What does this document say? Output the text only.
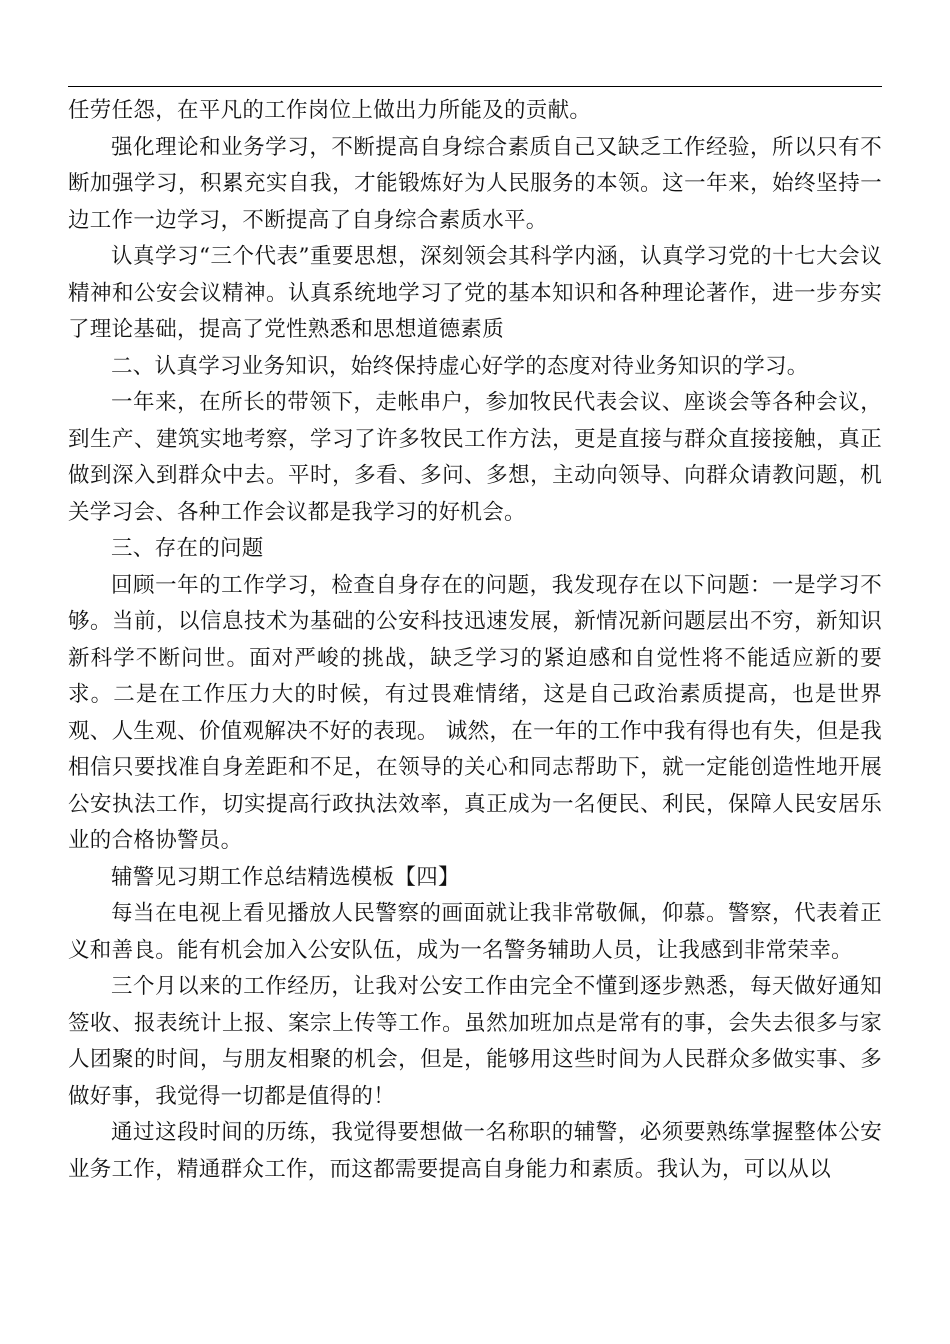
任劳任怨，在平凡的工作岗位上做出力所能及的贡献。

强化理论和业务学习，不断提高自身综合素质自己又缺乏工作经验，所以只有不断加强学习，积累充实自我，才能锻炼好为人民服务的本领。这一年来，始终坚持一边工作一边学习，不断提高了自身综合素质水平。

认真学习“三个代表”重要思想，深刻领会其科学内涵，认真学习党的十七大会议精神和公安会议精神。认真系统地学习了党的基本知识和各种理论著作，进一步夯实了理论基础，提高了党性熟悉和思想道德素质

二、认真学习业务知识，始终保持虚心好学的态度对待业务知识的学习。

一年来，在所长的带领下，走帐串户，参加牧民代表会议、座谈会等各种会议，到生产、建筑实地考察，学习了许多牧民工作方法，更是直接与群众直接接触，真正做到深入到群众中去。平时，多看、多问、多想，主动向领导、向群众请教问题，机关学习会、各种工作会议都是我学习的好机会。

三、存在的问题

回顾一年的工作学习，检查自身存在的问题，我发现存在以下问题：一是学习不够。当前，以信息技术为基础的公安科技迅速发展，新情况新问题层出不穷，新知识新科学不断问世。面对严峻的挑战，缺乏学习的紧迫感和自觉性将不能适应新的要求。二是在工作压力大的时候，有过畏难情绪，这是自己政治素质提高，也是世界观、人生观、价值观解决不好的表现。 诚然，在一年的工作中我有得也有失，但是我相信只要找准自身差距和不足，在领导的关心和同志帮助下，就一定能创造性地开展公安执法工作，切实提高行政执法效率，真正成为一名便民、利民，保障人民安居乐业的合格协警员。

辅警见习期工作总结精选模板【四】

每当在电视上看见播放人民警察的画面就让我非常敬佩，仰慕。警察，代表着正义和善良。能有机会加入公安队伍，成为一名警务辅助人员，让我感到非常荣幸。

三个月以来的工作经历，让我对公安工作由完全不懂到逐步熟悉，每天做好通知签收、报表统计上报、案宗上传等工作。虽然加班加点是常有的事，会失去很多与家人团聚的时间，与朋友相聚的机会，但是，能够用这些时间为人民群众多做实事、多做好事，我觉得一切都是值得的！

通过这段时间的历练，我觉得要想做一名称职的辅警，必须要熟练掌握整体公安业务工作，精通群众工作，而这都需要提高自身能力和素质。我认为，可以从以
